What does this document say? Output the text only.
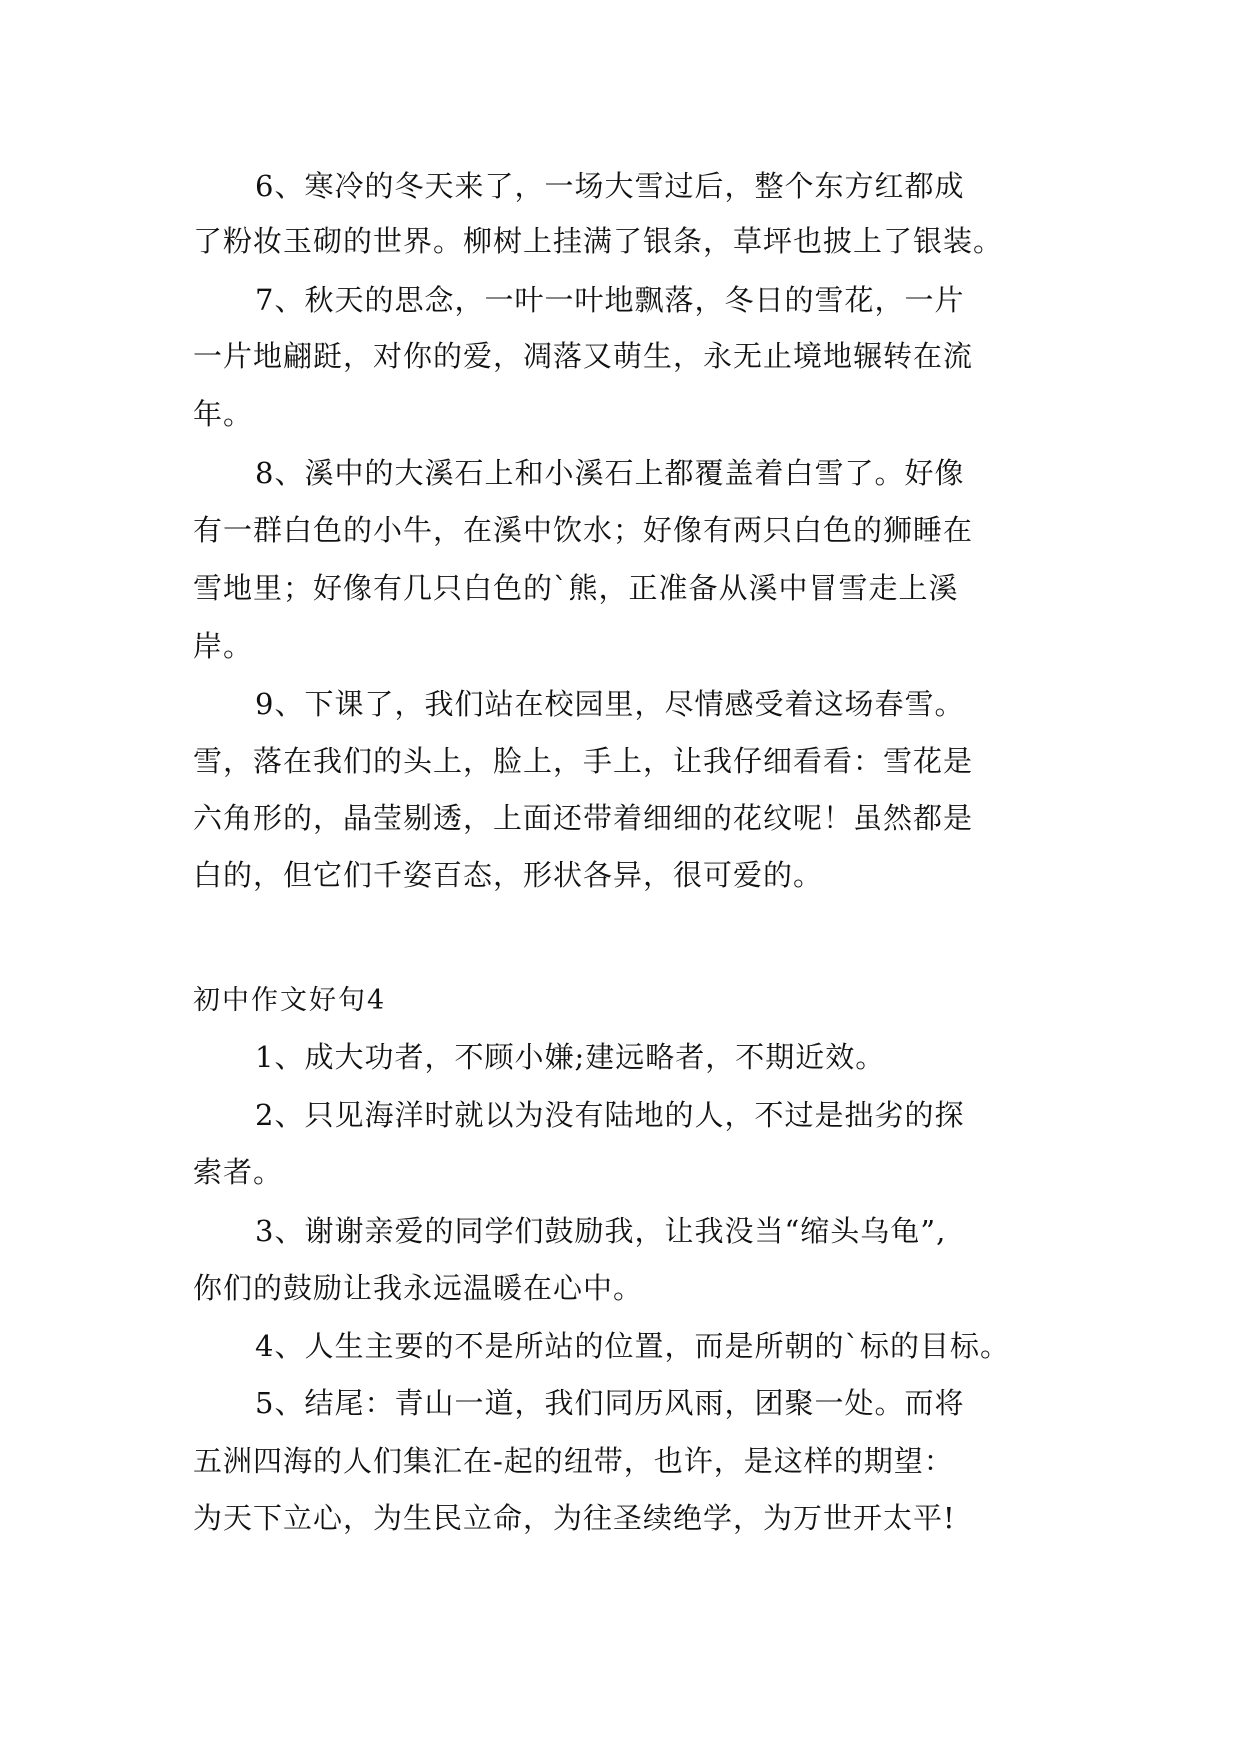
6、寒冷的冬天来了，一场大雪过后，整个东方红都成
了粉妆玉砌的世界。柳树上挂满了银条，草坪也披上了银装。
7、秋天的思念，一叶一叶地飘落，冬日的雪花，一片
一片地翩跹，对你的爱，凋落又萌生，永无止境地辗转在流
年。
8、溪中的大溪石上和小溪石上都覆盖着白雪了。好像
有一群白色的小牛，在溪中饮水；好像有两只白色的狮睡在
雪地里；好像有几只白色的`熊，正准备从溪中冒雪走上溪
岸。
9、下课了，我们站在校园里，尽情感受着这场春雪。
雪，落在我们的头上，脸上，手上，让我仔细看看：雪花是
六角形的，晶莹剔透，上面还带着细细的花纹呢！虽然都是
白的，但它们千姿百态，形状各异，很可爱的。
初中作文好句4
1、成大功者，不顾小嫌;建远略者，不期近效。
2、只见海洋时就以为没有陆地的人，不过是拙劣的探
索者。
3、谢谢亲爱的同学们鼓励我，让我没当“缩头乌龟”,
你们的鼓励让我永远温暖在心中。
4、人生主要的不是所站的位置，而是所朝的`标的目标。
5、结尾：青山一道，我们同历风雨，团聚一处。而将
五洲四海的人们集汇在-起的纽带，也许，是这样的期望：
为天下立心，为生民立命，为往圣续绝学，为万世开太平!
